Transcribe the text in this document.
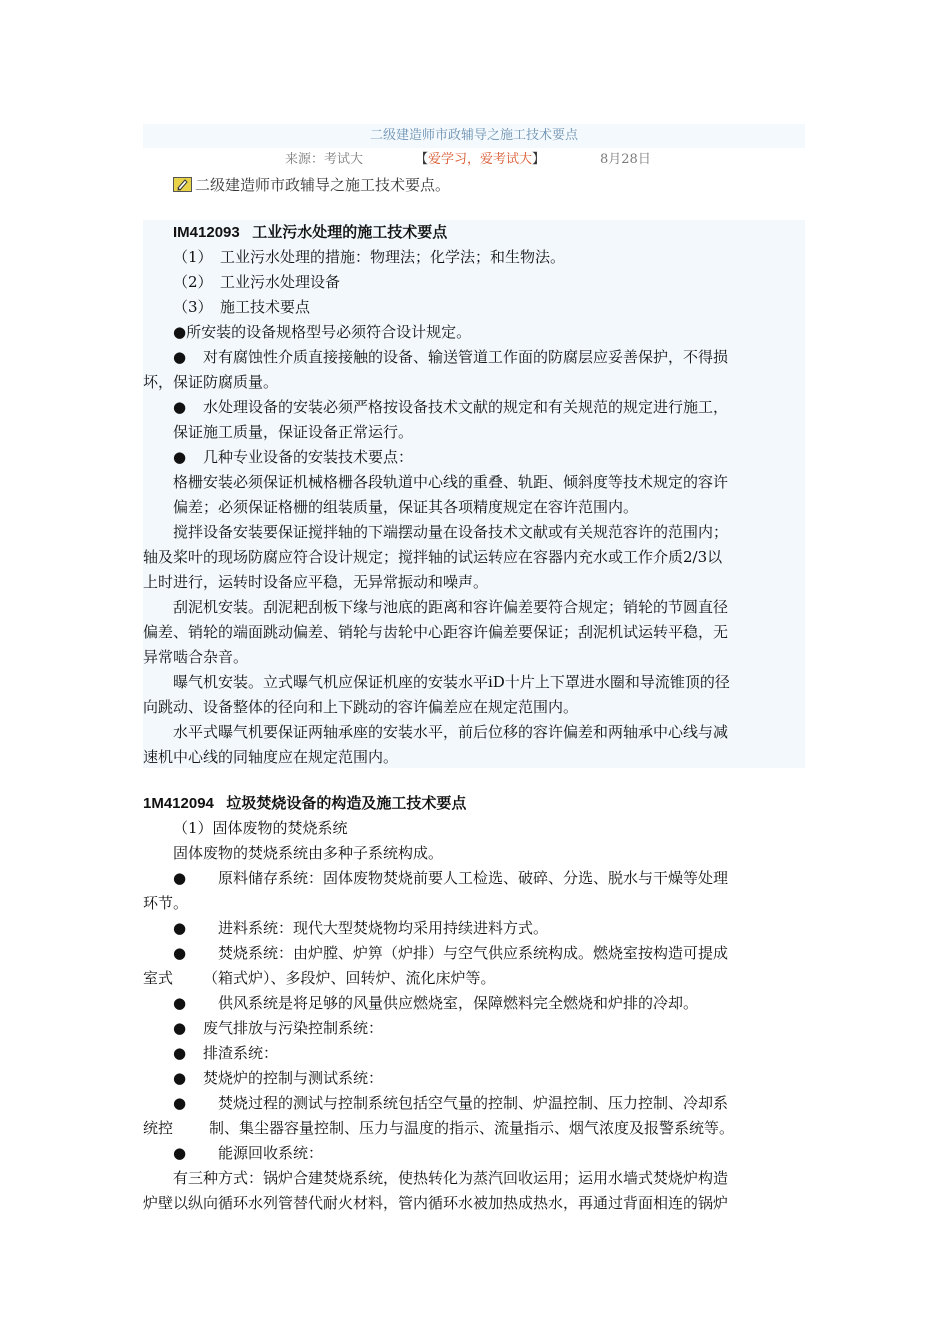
二级建造师市政辅导之施工技术要点
来源：考试大	【爱学习，爱考试大】	8月28日
二级建造师市政辅导之施工技术要点。

IM412093 工业污水处理的施工技术要点

（1）　工业污水处理的措施：物理法；化学法；和生物法。

（2）　工业污水处理设备

（3）　施工技术要点

●所安装的设备规格型号必须符合设计规定。

● 对有腐蚀性介质直接接触的设备、输送管道工作面的防腐层应妥善保护，不得损

坏，保证防腐质量。

● 水处理设备的安装必须严格按设备技术文献的规定和有关规范的规定进行施工，

保证施工质量，保证设备正常运行。

● 几种专业设备的安装技术要点：

格栅安装必须保证机械格栅各段轨道中心线的重叠、轨距、倾斜度等技术规定的容许

偏差；必须保证格栅的组装质量，保证其各项精度规定在容许范围内。

搅拌设备安装要保证搅拌轴的下端摆动量在设备技术文献或有关规范容许的范围内；

轴及桨叶的现场防腐应符合设计规定；搅拌轴的试运转应在容器内充水或工作介质2/3以

上时进行，运转时设备应平稳，无异常振动和噪声。

刮泥机安装。刮泥耙刮板下缘与池底的距离和容许偏差要符合规定；销轮的节圆直径

偏差、销轮的端面跳动偏差、销轮与齿轮中心距容许偏差要保证；刮泥机试运转平稳，无

异常啮合杂音。

曝气机安装。立式曝气机应保证机座的安装水平iD十片上下罩进水圈和导流锥顶的径

向跳动、设备整体的径向和上下跳动的容许偏差应在规定范围内。

水平式曝气机要保证两轴承座的安装水平，前后位移的容许偏差和两轴承中心线与减

速机中心线的同轴度应在规定范围内。

1M412094 垃圾焚烧设备的构造及施工技术要点

（1）固体废物的焚烧系统

固体废物的焚烧系统由多种子系统构成。

● 原料储存系统：固体废物焚烧前要人工检选、破碎、分选、脱水与干燥等处理

环节。

● 进料系统：现代大型焚烧物均采用持续进料方式。

● 焚烧系统：由炉膛、炉箅（炉排）与空气供应系统构成。燃烧室按构造可提成

室式 （箱式炉）、多段炉、回转炉、流化床炉等。

● 供风系统是将足够的风量供应燃烧室，保障燃料完全燃烧和炉排的冷却。

● 废气排放与污染控制系统：

● 排渣系统：

● 焚烧炉的控制与测试系统：

● 焚烧过程的测试与控制系统包括空气量的控制、炉温控制、压力控制、冷却系

统控 制、集尘器容量控制、压力与温度的指示、流量指示、烟气浓度及报警系统等。

● 能源回收系统：

有三种方式：锅炉合建焚烧系统，使热转化为蒸汽回收运用；运用水墙式焚烧炉构造

炉壁以纵向循环水列管替代耐火材料，管内循环水被加热成热水，再通过背面相连的锅炉
